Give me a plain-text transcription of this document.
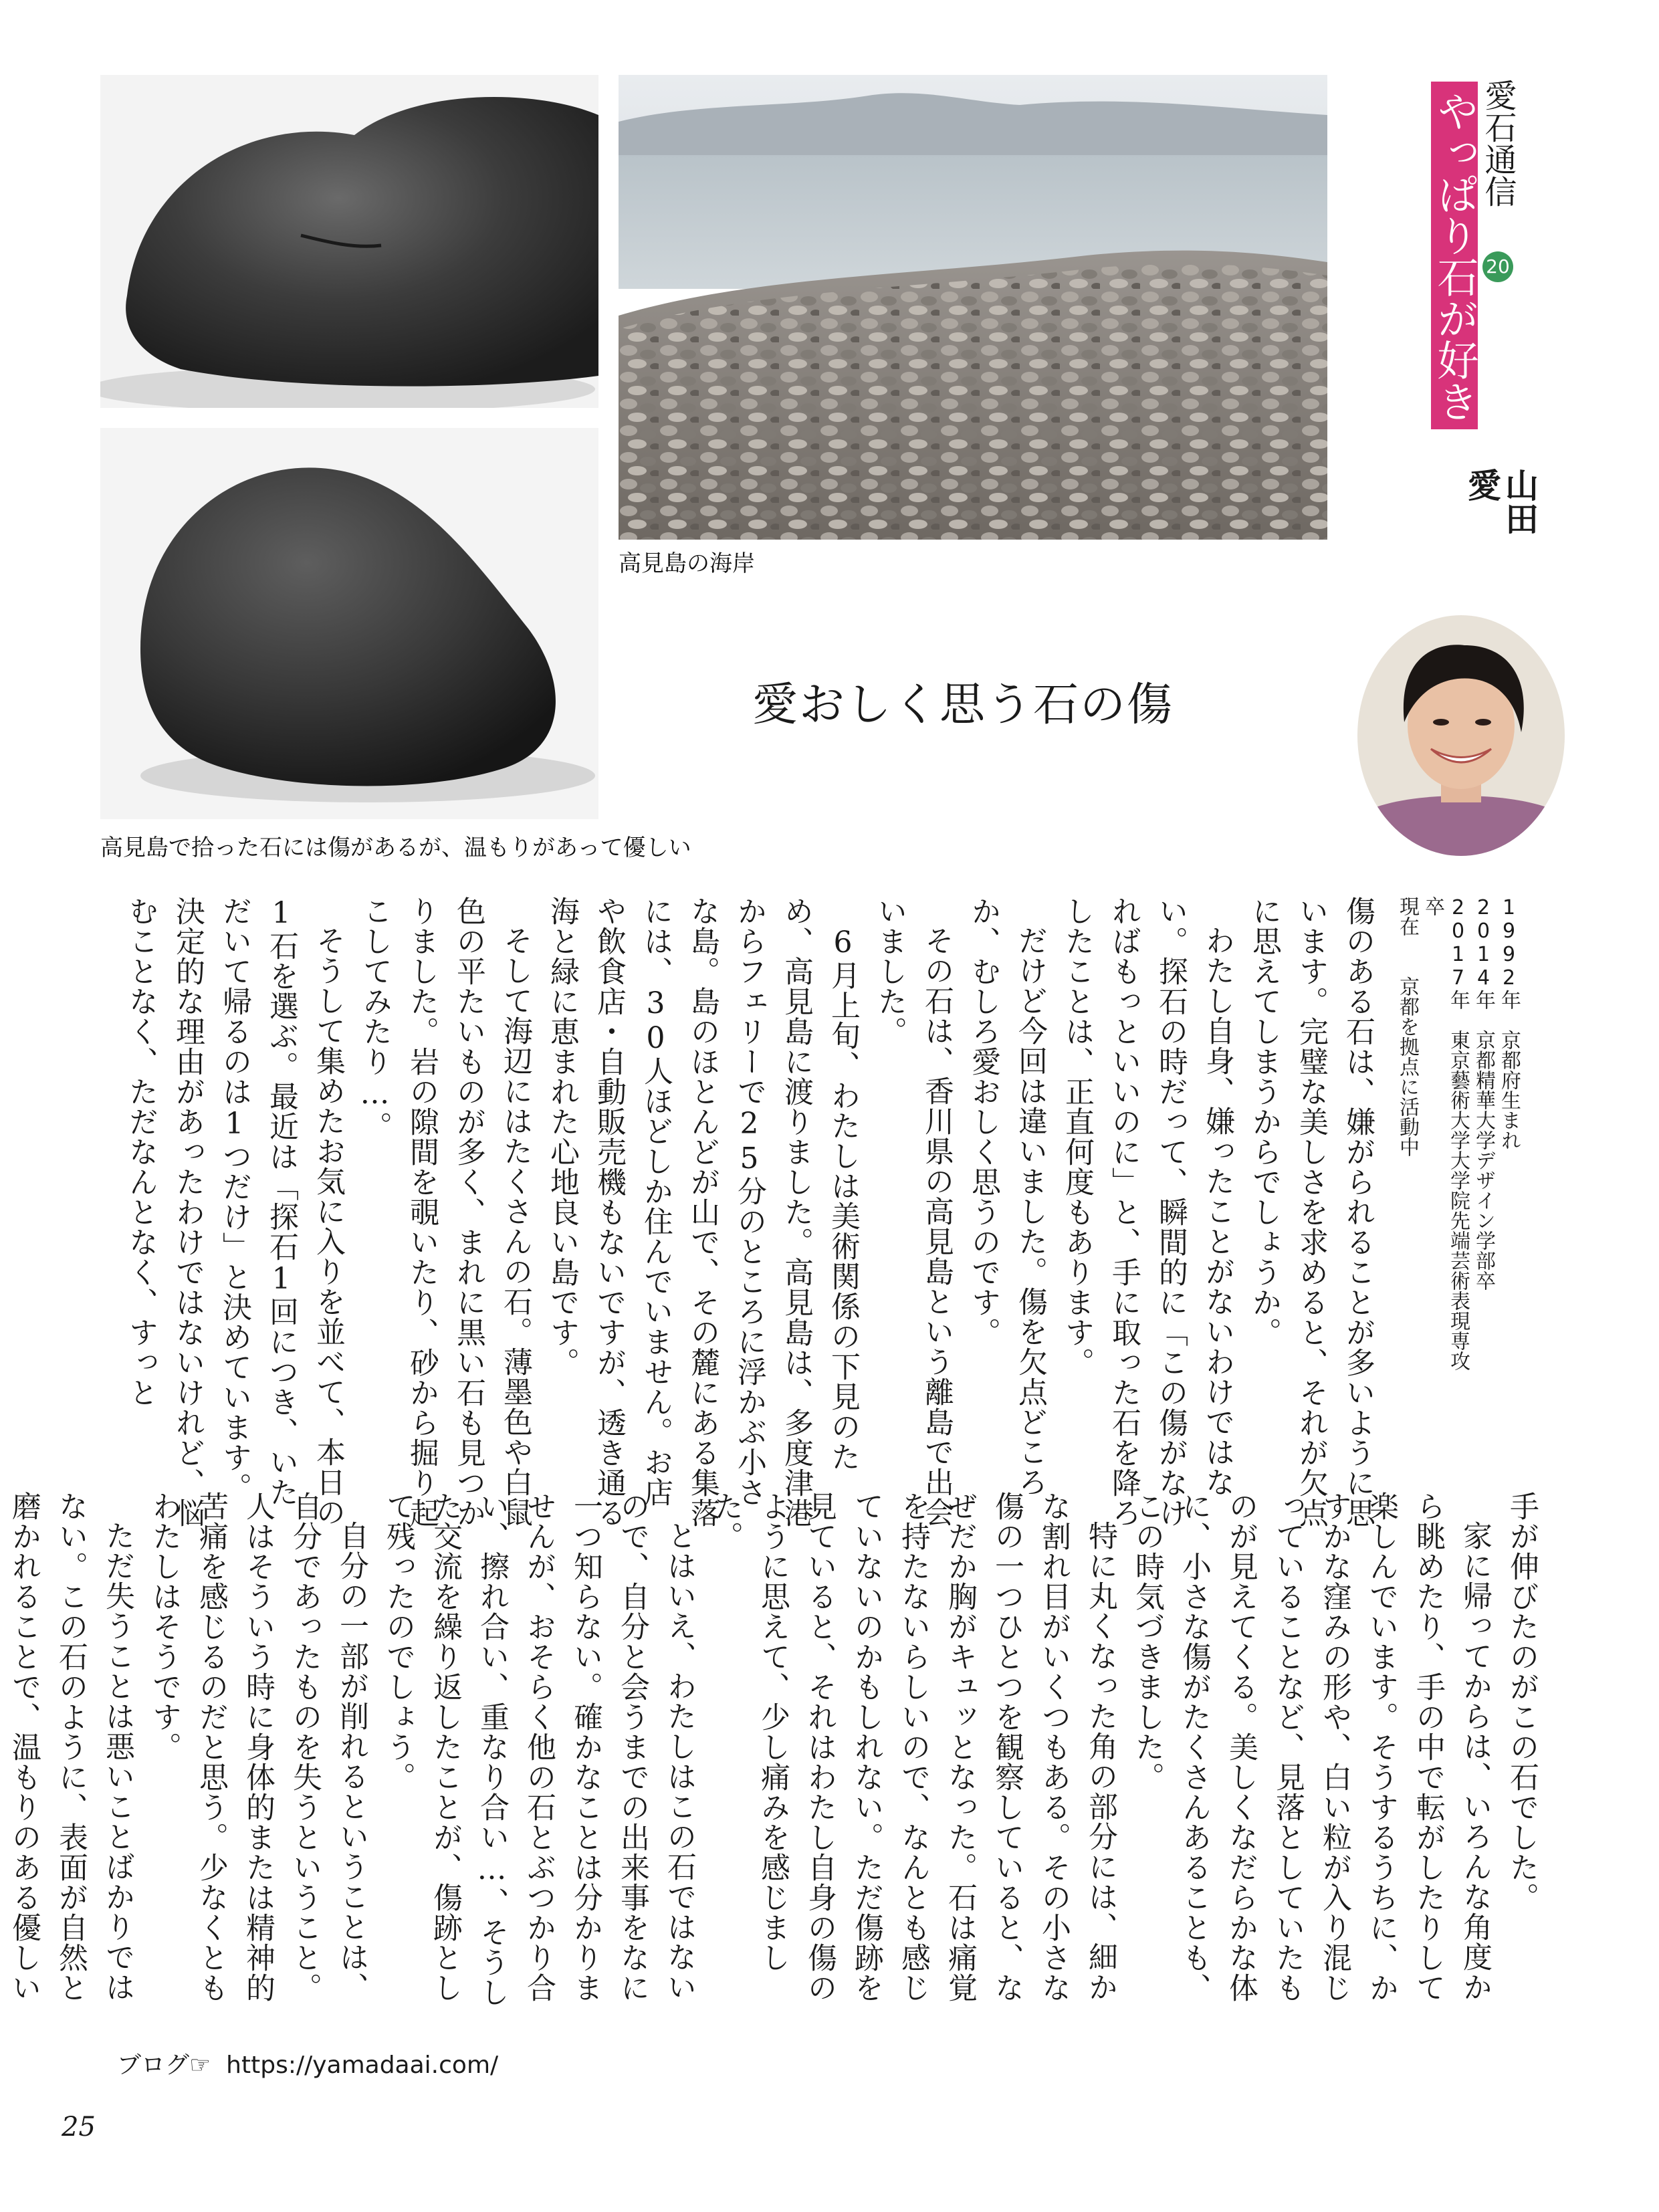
高見島の海岸
高見島で拾った石には傷があるが、温もりがあって優しい
愛おしく思う石の傷
愛石通信 20
やっぱり石が好きっ
山田
愛

1992年　京都府生まれ

2014年　京都精華大学デザイン学部卒

2017年　東京藝術大学大学院先端芸術表現専攻卒

現在　　京都を拠点に活動中

傷のある石は、嫌がられることが多いように思います。完璧な美しさを求めると、それが欠点に思えてしまうからでしょうか。

わたし自身、嫌ったことがないわけではない。探石の時だって、瞬間的に「この傷がなければもっといいのに」と、手に取った石を降ろしたことは、正直何度もあります。

だけど今回は違いました。傷を欠点どころか、むしろ愛おしく思うのです。

その石は、香川県の高見島という離島で出会いました。

6月上旬、わたしは美術関係の下見のため、高見島に渡りました。高見島は、多度津港からフェリーで25分のところに浮かぶ小さな島。島のほとんどが山で、その麓にある集落には、30人ほどしか住んでいません。お店や飲食店・自動販売機もないですが、透き通る海と緑に恵まれた心地良い島です。

そして海辺にはたくさんの石。薄墨色や白鼠色の平たいものが多く、まれに黒い石も見つかりました。岩の隙間を覗いたり、砂から掘り起こしてみたり…。

そうして集めたお気に入りを並べて、本日の1石を選ぶ。最近は「探石1回につき、いただいて帰るのは1つだけ」と決めています。決定的な理由があったわけではないけれど、悩むことなく、ただなんとなく、すっと

手が伸びたのがこの石でした。

家に帰ってからは、いろんな角度から眺めたり、手の中で転がしたりして楽しんでいます。そうするうちに、かすかな窪みの形や、白い粒が入り混じっていることなど、見落としていたものが見えてくる。美しくなだらかな体に、小さな傷がたくさんあることも、この時気づきました。

特に丸くなった角の部分には、細かな割れ目がいくつもある。その小さな傷の一つひとつを観察していると、なぜだか胸がキュッとなった。石は痛覚を持たないらしいので、なんとも感じていないのかもしれない。ただ傷跡を見ていると、それはわたし自身の傷のように思えて、少し痛みを感じました。

とはいえ、わたしはこの石ではないので、自分と会うまでの出来事をなに一つ知らない。確かなことは分かりませんが、おそらく他の石とぶつかり合い、擦れ合い、重なり合い…、そうした交流を繰り返したことが、傷跡として残ったのでしょう。

自分の一部が削れるということは、自分であったものを失うということ。人はそういう時に身体的または精神的苦痛を感じるのだと思う。少なくともわたしはそうです。

ただ失うことは悪いことばかりではない。この石のように、表面が自然と磨かれることで、温もりのある優しい

ブログ☞ https://yamadaai.com/
25
